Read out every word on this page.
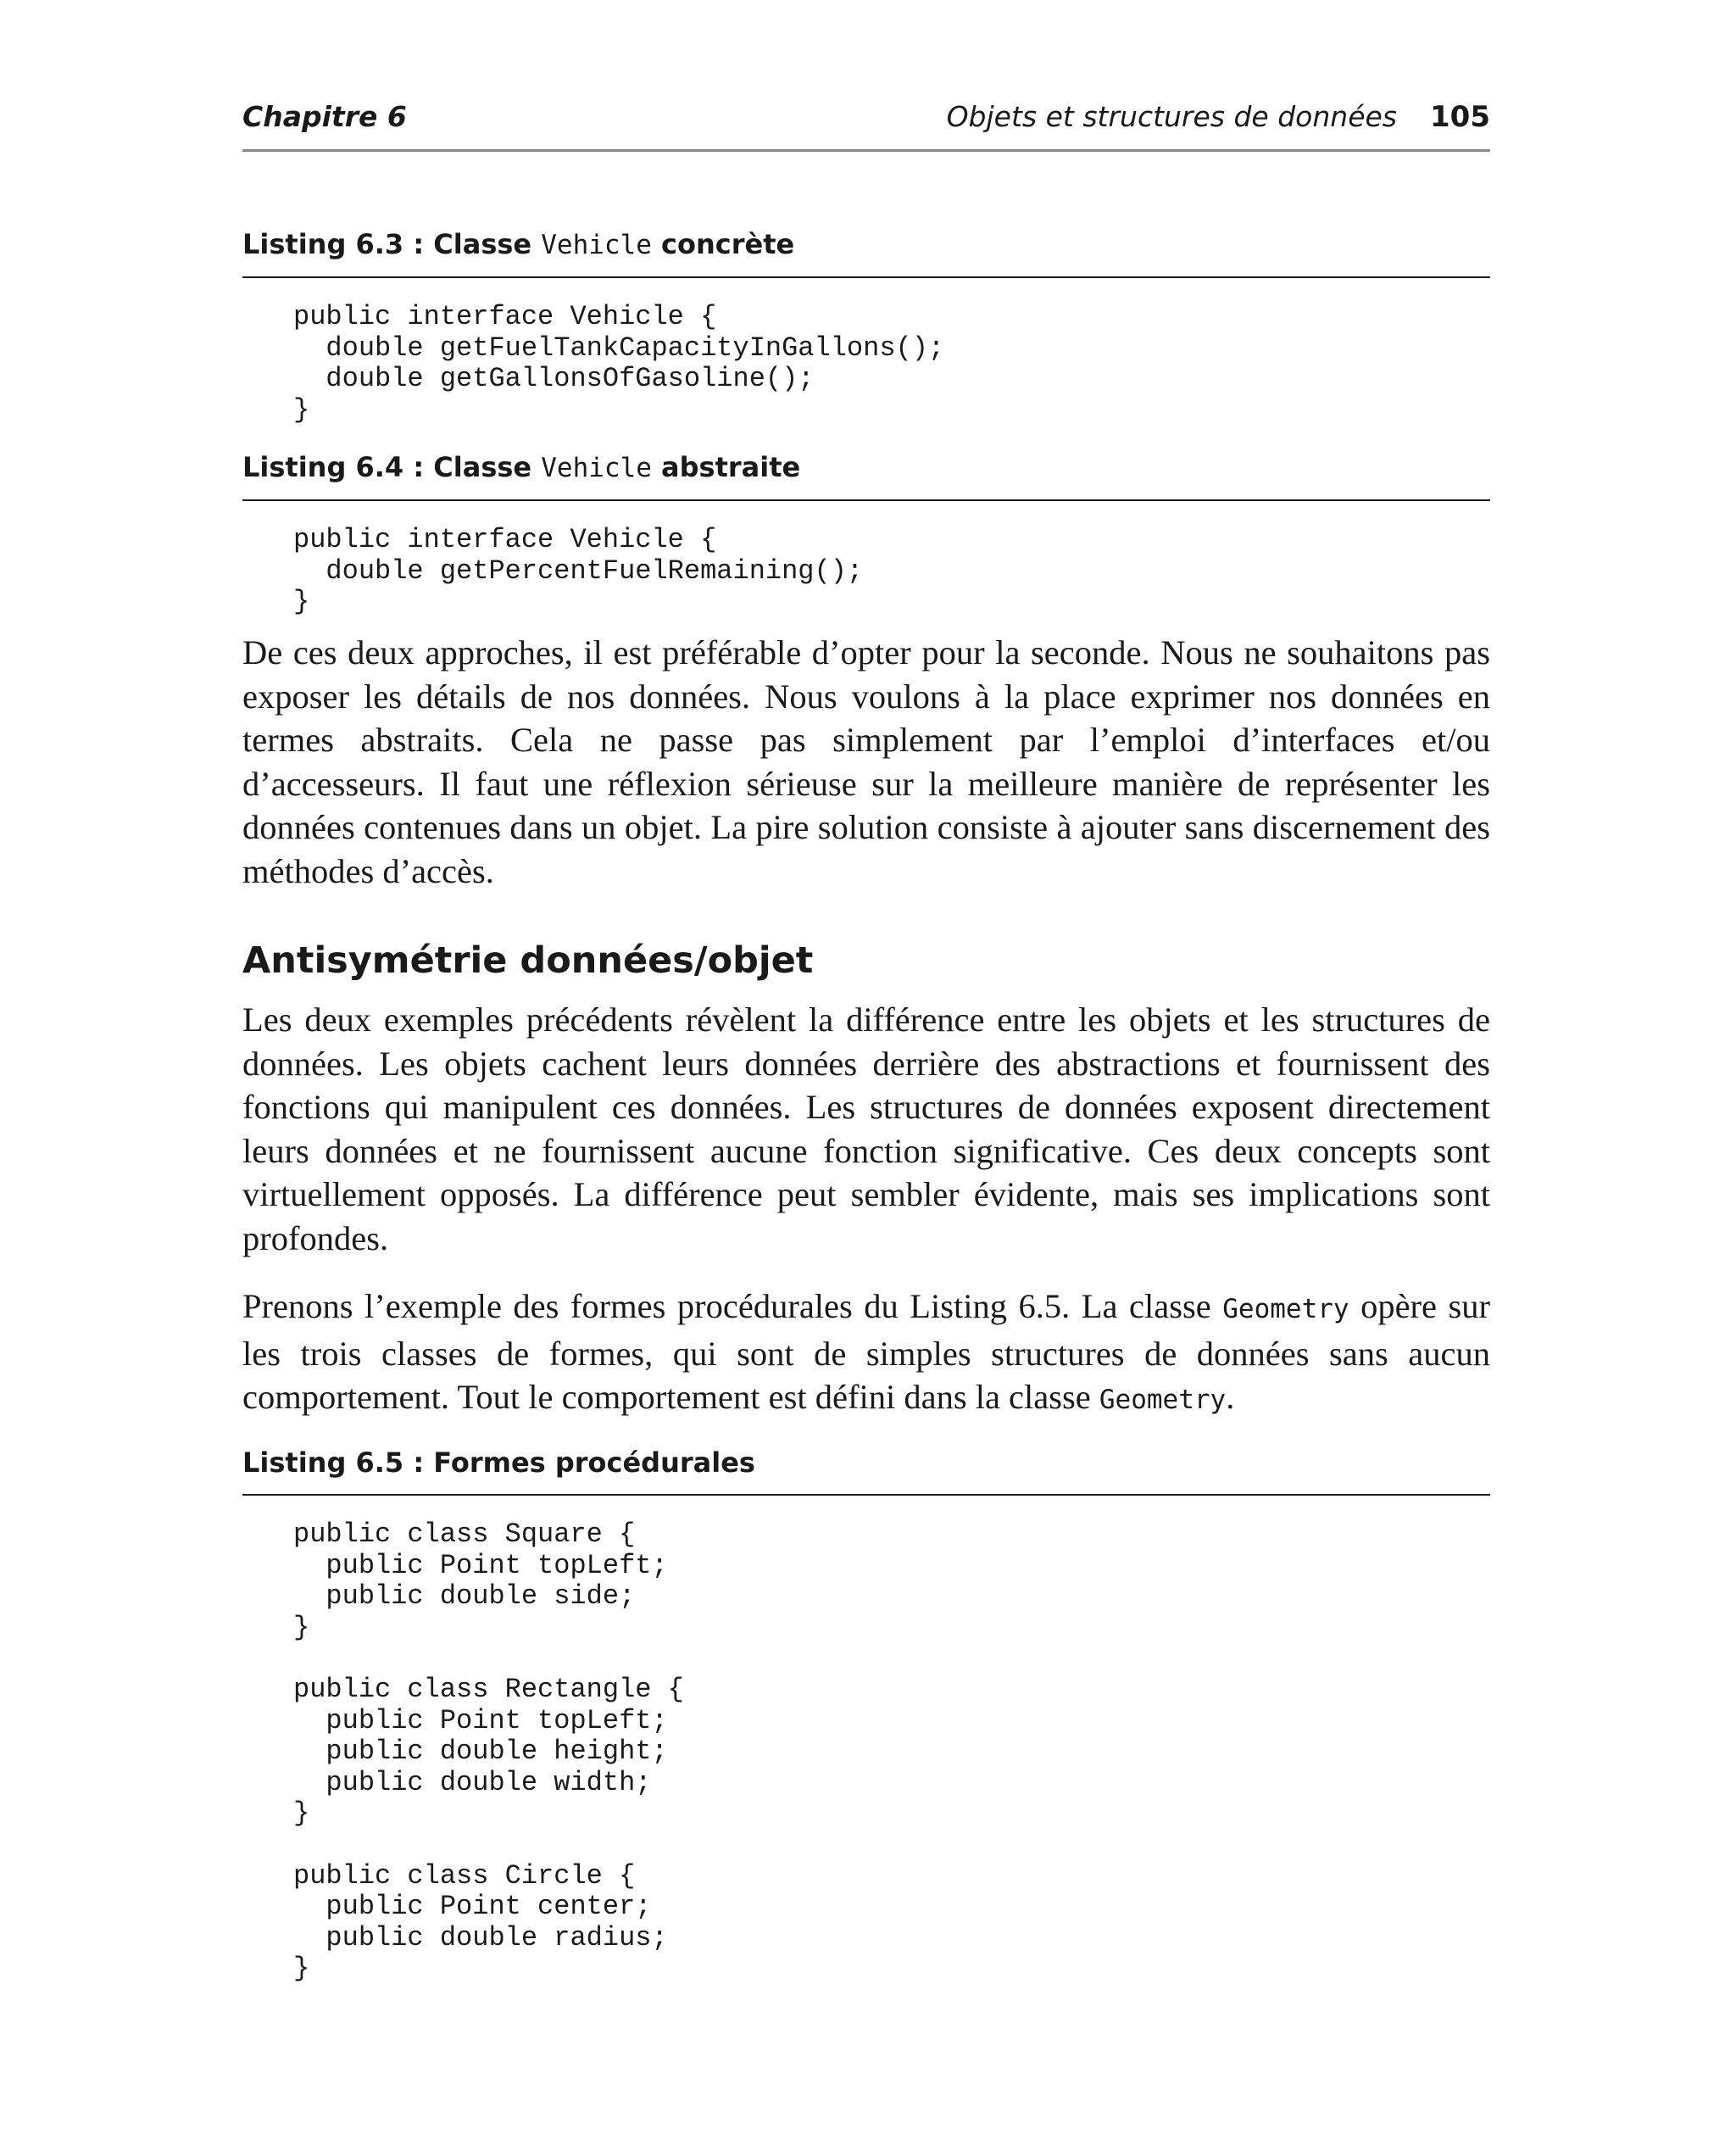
Chapitre 6	Objets et structures de données 105
Listing 6.3 : Classe Vehicle concrète
public interface Vehicle {
double getFuelTankCapacityInGallons();
double getGallonsOfGasoline();
}
Listing 6.4 : Classe Vehicle abstraite
public interface Vehicle {
double getPercentFuelRemaining();
}

De ces deux approches, il est préférable d’opter pour la seconde. Nous ne souhaitons pas exposer les détails de nos données. Nous voulons à la place exprimer nos données en termes abstraits. Cela ne passe pas simplement par l’emploi d’interfaces et/ou d’accesseurs. Il faut une réflexion sérieuse sur la meilleure manière de représenter les données contenues dans un objet. La pire solution consiste à ajouter sans discernement des méthodes d’accès.

Antisymétrie données/objet

Les deux exemples précédents révèlent la différence entre les objets et les structures de données. Les objets cachent leurs données derrière des abstractions et fournissent des fonctions qui manipulent ces données. Les structures de données exposent directement leurs données et ne fournissent aucune fonction significative. Ces deux concepts sont virtuellement opposés. La différence peut sembler évidente, mais ses implications sont profondes.

Prenons l’exemple des formes procédurales du Listing 6.5. La classe Geometry opère sur les trois classes de formes, qui sont de simples structures de données sans aucun comportement. Tout le comportement est défini dans la classe Geometry.

Listing 6.5 : Formes procédurales
public class Square {
public Point topLeft;
public double side;
}

public class Rectangle {
public Point topLeft;
public double height;
public double width;
}

public class Circle {
public Point center;
public double radius;
}
